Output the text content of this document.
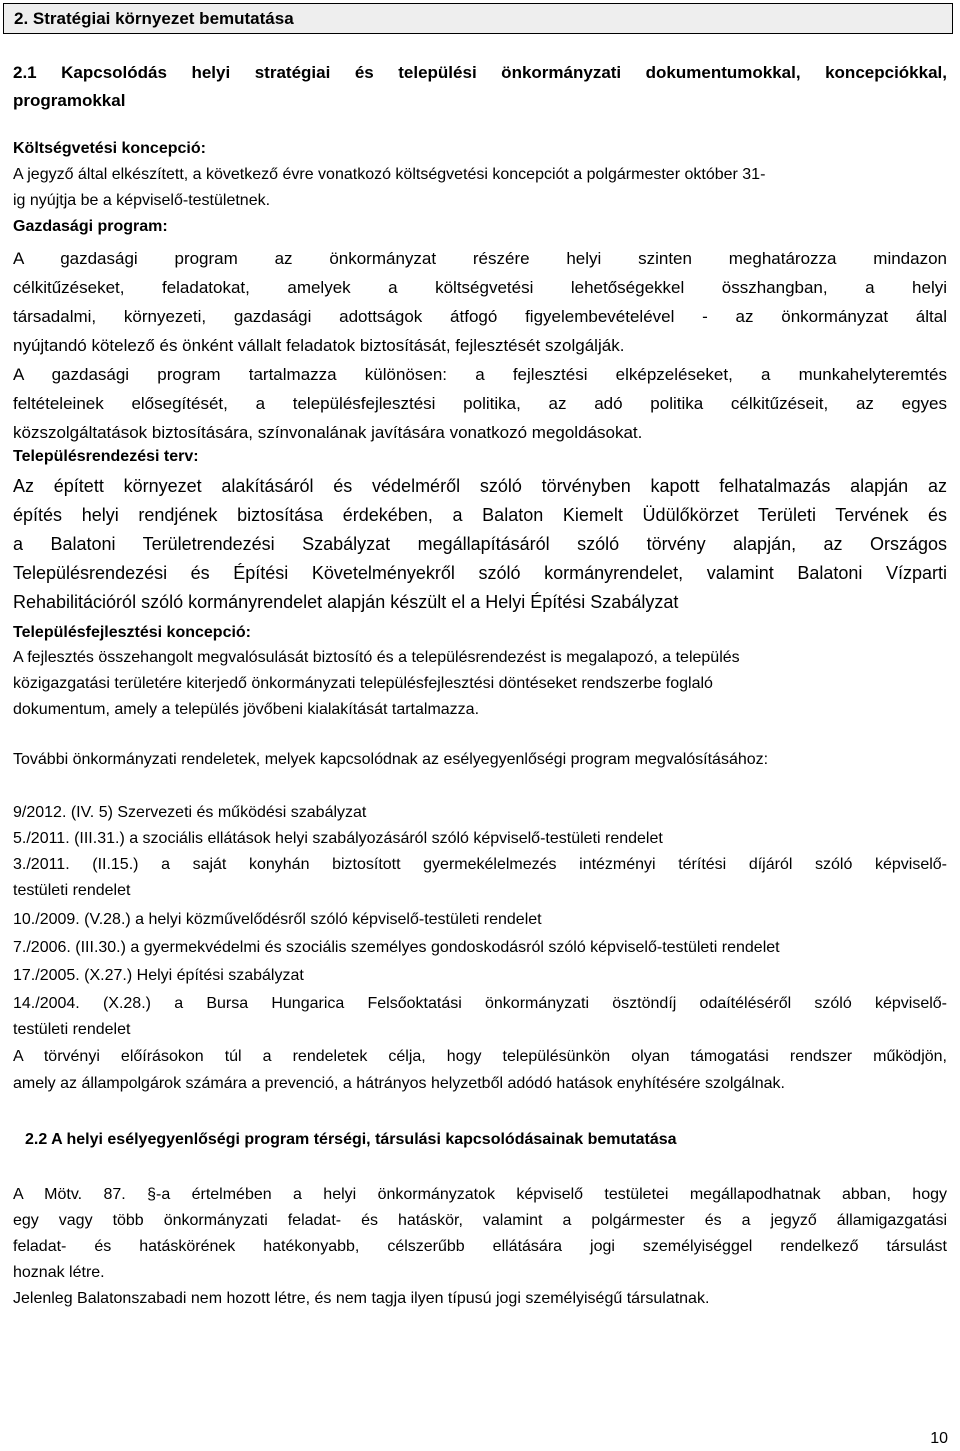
2. Stratégiai környezet bemutatása

2.1 Kapcsolódás helyi stratégiai és települési önkormányzati dokumentumokkal, koncepciókkal,

programokkal

Költségvetési koncepció:

A jegyző által elkészített, a következő évre vonatkozó költségvetési koncepciót a polgármester október 31-

ig nyújtja be a képviselő-testületnek.

Gazdasági program:

A gazdasági program az önkormányzat részére helyi szinten meghatározza mindazon

célkitűzéseket, feladatokat, amelyek a költségvetési lehetőségekkel összhangban, a helyi

társadalmi, környezeti, gazdasági adottságok átfogó figyelembevételével - az önkormányzat által

nyújtandó kötelező és önként vállalt feladatok biztosítását, fejlesztését szolgálják.

A gazdasági program tartalmazza különösen: a fejlesztési elképzeléseket, a munkahelyteremtés

feltételeinek elősegítését, a településfejlesztési politika, az adó politika célkitűzéseit, az egyes

közszolgáltatások biztosítására, színvonalának javítására vonatkozó megoldásokat.

Településrendezési terv:

Az épített környezet alakításáról és védelméről szóló törvényben kapott felhatalmazás alapján az

építés helyi rendjének biztosítása érdekében, a Balaton Kiemelt Üdülőkörzet Területi Tervének és

a Balatoni Területrendezési Szabályzat megállapításáról szóló törvény alapján, az Országos

Településrendezési és Építési Követelményekről szóló kormányrendelet, valamint Balatoni Vízparti

Rehabilitációról szóló kormányrendelet alapján készült el a Helyi Építési Szabályzat

Településfejlesztési koncepció:

A fejlesztés összehangolt megvalósulását biztosító és a településrendezést is megalapozó, a település

közigazgatási területére kiterjedő önkormányzati településfejlesztési döntéseket rendszerbe foglaló

dokumentum, amely a település jövőbeni kialakítását tartalmazza.

További önkormányzati rendeletek, melyek kapcsolódnak az esélyegyenlőségi program megvalósításához:

9/2012. (IV. 5) Szervezeti és működési szabályzat

5./2011. (III.31.) a szociális ellátások helyi szabályozásáról szóló képviselő-testületi rendelet

3./2011. (II.15.) a saját konyhán biztosított gyermekélelmezés intézményi térítési díjáról szóló képviselő-

testületi rendelet

10./2009. (V.28.) a helyi közművelődésről szóló képviselő-testületi rendelet

7./2006. (III.30.) a gyermekvédelmi és szociális személyes gondoskodásról szóló képviselő-testületi rendelet

17./2005. (X.27.) Helyi építési szabályzat

14./2004. (X.28.) a Bursa Hungarica Felsőoktatási önkormányzati ösztöndíj odaítéléséről szóló képviselő-

testületi rendelet

A törvényi előírásokon túl a rendeletek célja, hogy településünkön olyan támogatási rendszer működjön,

amely az állampolgárok számára a prevenció, a hátrányos helyzetből adódó hatások enyhítésére szolgálnak.

2.2 A helyi esélyegyenlőségi program térségi, társulási kapcsolódásainak bemutatása

A Mötv. 87. §-a értelmében a helyi önkormányzatok képviselő testületei megállapodhatnak abban, hogy

egy vagy több önkormányzati feladat- és hatáskör, valamint a polgármester és a jegyző államigazgatási

feladat- és hatáskörének hatékonyabb, célszerűbb ellátására jogi személyiséggel rendelkező társulást

hoznak létre.

Jelenleg Balatonszabadi nem hozott létre, és nem tagja ilyen típusú jogi személyiségű társulatnak.

10
